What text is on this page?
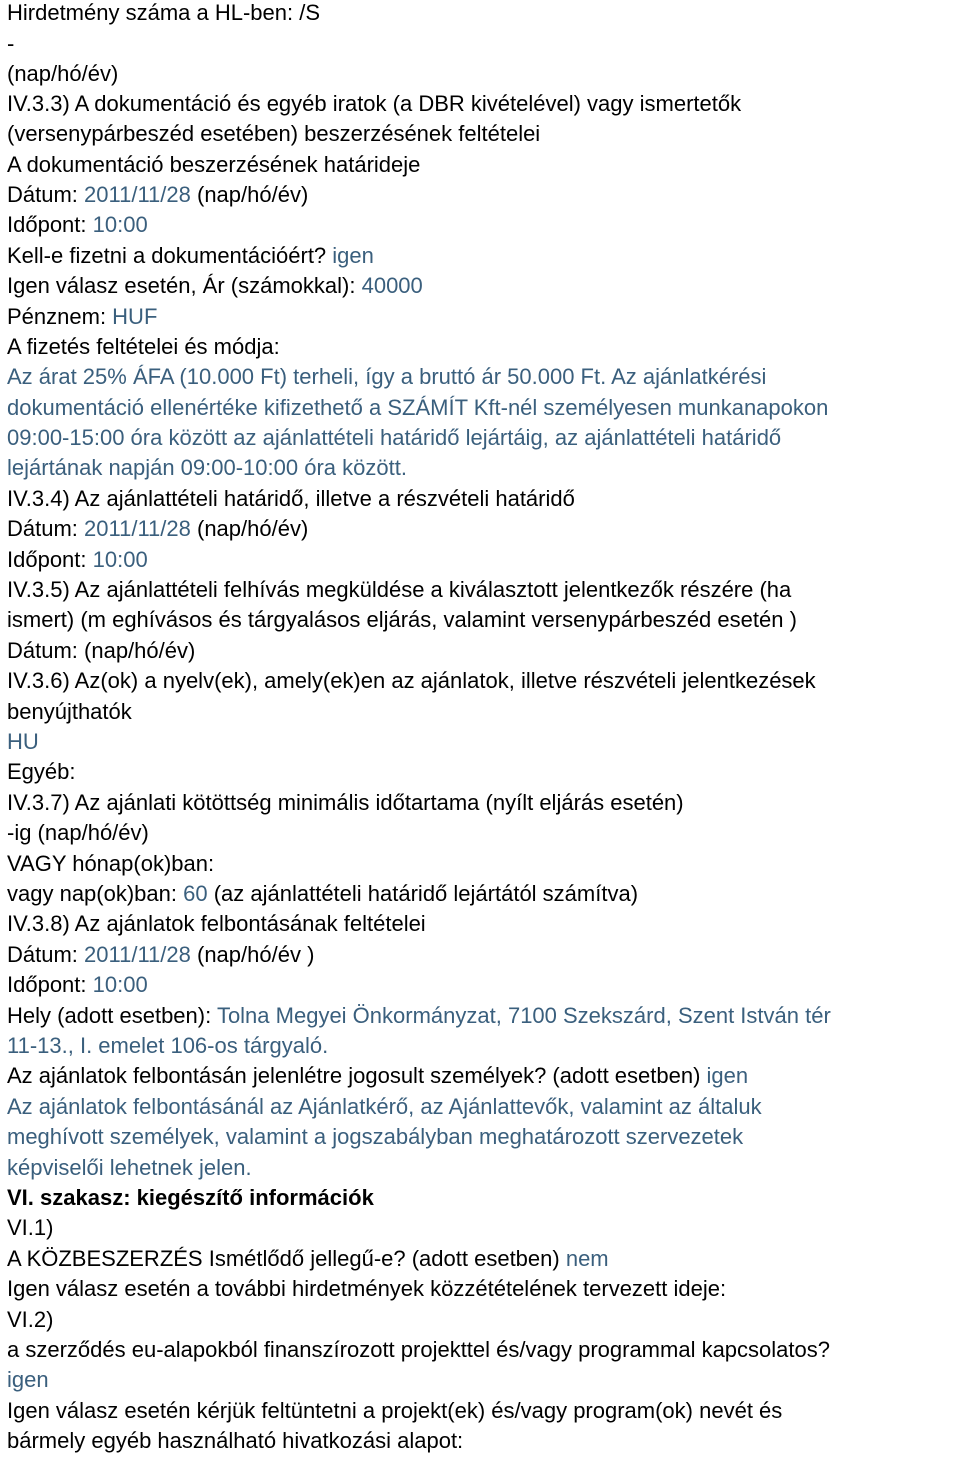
Hirdetmény száma a HL-ben: /S
-
(nap/hó/év)
IV.3.3) A dokumentáció és egyéb iratok (a DBR kivételével) vagy ismertetők
(versenypárbeszéd esetében) beszerzésének feltételei
A dokumentáció beszerzésének határideje
Dátum: 2011/11/28 (nap/hó/év)
Időpont: 10:00
Kell-e fizetni a dokumentációért? igen
Igen válasz esetén, Ár (számokkal): 40000
Pénznem: HUF
A fizetés feltételei és módja:
Az árat 25% ÁFA (10.000 Ft) terheli, így a bruttó ár 50.000 Ft. Az ajánlatkérési
dokumentáció ellenértéke kifizethető a SZÁMÍT Kft-nél személyesen munkanapokon
09:00-15:00 óra között az ajánlattételi határidő lejártáig, az ajánlattételi határidő
lejártának napján 09:00-10:00 óra között.
IV.3.4) Az ajánlattételi határidő, illetve a részvételi határidő
Dátum: 2011/11/28 (nap/hó/év)
Időpont: 10:00
IV.3.5) Az ajánlattételi felhívás megküldése a kiválasztott jelentkezők részére (ha
ismert) (m eghívásos és tárgyalásos eljárás, valamint versenypárbeszéd esetén )
Dátum: (nap/hó/év)
IV.3.6) Az(ok) a nyelv(ek), amely(ek)en az ajánlatok, illetve részvételi jelentkezések
benyújthatók
HU
Egyéb:
IV.3.7) Az ajánlati kötöttség minimális időtartama (nyílt eljárás esetén)
-ig (nap/hó/év)
VAGY hónap(ok)ban:
vagy nap(ok)ban: 60 (az ajánlattételi határidő lejártától számítva)
IV.3.8) Az ajánlatok felbontásának feltételei
Dátum: 2011/11/28 (nap/hó/év )
Időpont: 10:00
Hely (adott esetben): Tolna Megyei Önkormányzat, 7100 Szekszárd, Szent István tér
11-13., I. emelet 106-os tárgyaló.
Az ajánlatok felbontásán jelenlétre jogosult személyek? (adott esetben) igen
Az ajánlatok felbontásánál az Ajánlatkérő, az Ajánlattevők, valamint az általuk
meghívott személyek, valamint a jogszabályban meghatározott szervezetek
képviselői lehetnek jelen.
VI. szakasz: kiegészítő információk
VI.1)
A KÖZBESZERZÉS Ismétlődő jellegű-e? (adott esetben) nem
Igen válasz esetén a további hirdetmények közzétételének tervezett ideje:
VI.2)
a szerződés eu-alapokból finanszírozott projekttel és/vagy programmal kapcsolatos?
igen
Igen válasz esetén kérjük feltüntetni a projekt(ek) és/vagy program(ok) nevét és
bármely egyéb használható hivatkozási alapot:
